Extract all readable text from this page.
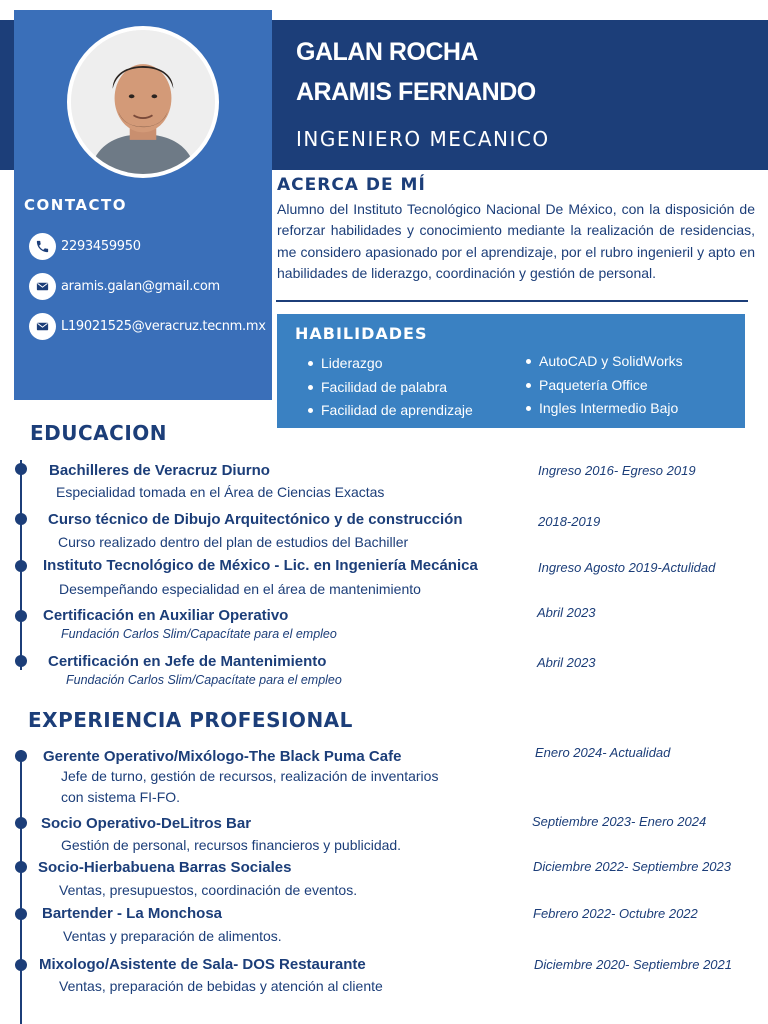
GALAN ROCHA
ARAMIS FERNANDO
INGENIERO MECANICO
CONTACTO
2293459950
aramis.galan@gmail.com
L19021525@veracruz.tecnm.mx
ACERCA DE MÍ
Alumno del Instituto Tecnológico Nacional De México, con la disposición de reforzar habilidades y conocimiento mediante la realización de residencias, me considero apasionado por el aprendizaje, por el rubro ingenieril y apto en habilidades de liderazgo, coordinación y gestión de personal.
HABILIDADES
Liderazgo
Facilidad de palabra
Facilidad de aprendizaje
AutoCAD y SolidWorks
Paquetería Office
Ingles Intermedio Bajo
EDUCACION
Bachilleres de Veracruz Diurno
Especialidad tomada en el Área de Ciencias Exactas
Ingreso 2016- Egreso 2019
Curso técnico de Dibujo Arquitectónico y de construcción
Curso realizado dentro del plan de estudios del Bachiller
2018-2019
Instituto Tecnológico de México - Lic. en Ingeniería Mecánica
Desempeñando especialidad en el área de mantenimiento
Ingreso Agosto 2019-Actulidad
Certificación en Auxiliar Operativo
Fundación Carlos Slim/Capacítate para el empleo
Abril 2023
Certificación en Jefe de Mantenimiento
Fundación Carlos Slim/Capacítate para el empleo
Abril 2023
EXPERIENCIA PROFESIONAL
Gerente Operativo/Mixólogo-The Black Puma Cafe
Jefe de turno, gestión de recursos, realización de inventarios
con sistema FI-FO.
Enero 2024- Actualidad
Socio Operativo-DeLitros Bar
Gestión de personal, recursos financieros y publicidad.
Septiembre 2023- Enero 2024
Socio-Hierbabuena Barras Sociales
Ventas, presupuestos, coordinación de eventos.
Diciembre 2022- Septiembre 2023
Bartender - La Monchosa
Ventas y preparación de alimentos.
Febrero 2022- Octubre 2022
Mixologo/Asistente de Sala- DOS Restaurante
Ventas, preparación de bebidas y atención al cliente
Diciembre 2020- Septiembre 2021
